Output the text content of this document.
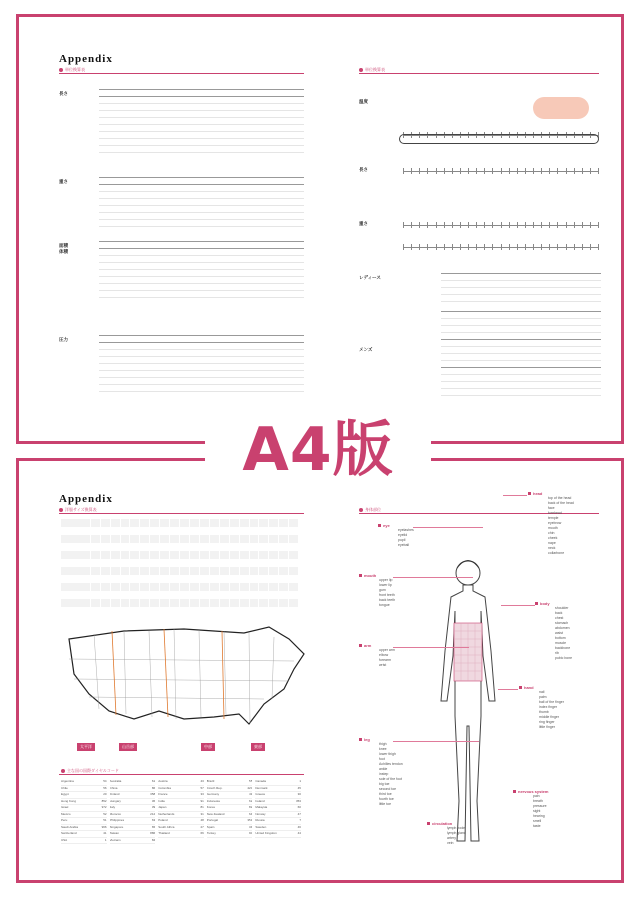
Appendix
単位換算表
長さ
重さ
面積
体積
圧力
単位換算表
温度
長さ
重さ
レディース
メンズ
A4版
Appendix
洋服サイズ換算表
太平洋	山岳部	中部	東部
主な国の国際ダイヤルコード
Argentina	54 Australia	61 Austria	43 Brazil	55 Canada	1
Chile	56 China	86 Colombia	57 Czech Rep.	420 Denmark	45
Egypt	20 Finland	358 France	33 Germany	49 Greece	30
Hong Kong	852 Hungary	36 India	91 Indonesia	62 Ireland	353
Israel	972 Italy	39 Japan	81 Korea	82 Malaysia	60
Mexico	52 Morocco	212 Netherlands	31 New Zealand	64 Norway	47
Peru	51 Philippines	63 Poland	48 Portugal	351 Russia	7
Saudi Arabia	966 Singapore	65 South Africa	27 Spain	34 Sweden	46
Switzerland	41 Taiwan	886 Thailand	66 Turkey	90 United Kingdom	44
USA	1 Vietnam	84
身体部位
head
top of the head
back of the head
face
forehead
temple
eyebrow
mouth
chin
cheek
nape
neck
collarbone
eye
eyelashes
eyelid
pupil
eyeball
mouth
upper lip
lower lip
gum
front teeth
back teeth
tongue	body
shoulder
back
chest
stomach
abdomen
waist
bottom
muscle
backbone
rib
pubic bone
arm
upper arm
elbow
forearm
wrist
hand
nail
palm
ball of the finger
index finger
thumb
middle finger
ring finger
little finger
leg
thigh
knee
lower thigh
foot
Achilles tendon
ankle
instep
sole of the foot
big toe
second toe
third toe
fourth toe
little toe
nervous system
pain
breath
pressure
sight
hearing
smell
taste
circulation
lymph node
lymph gland
artery
vein
